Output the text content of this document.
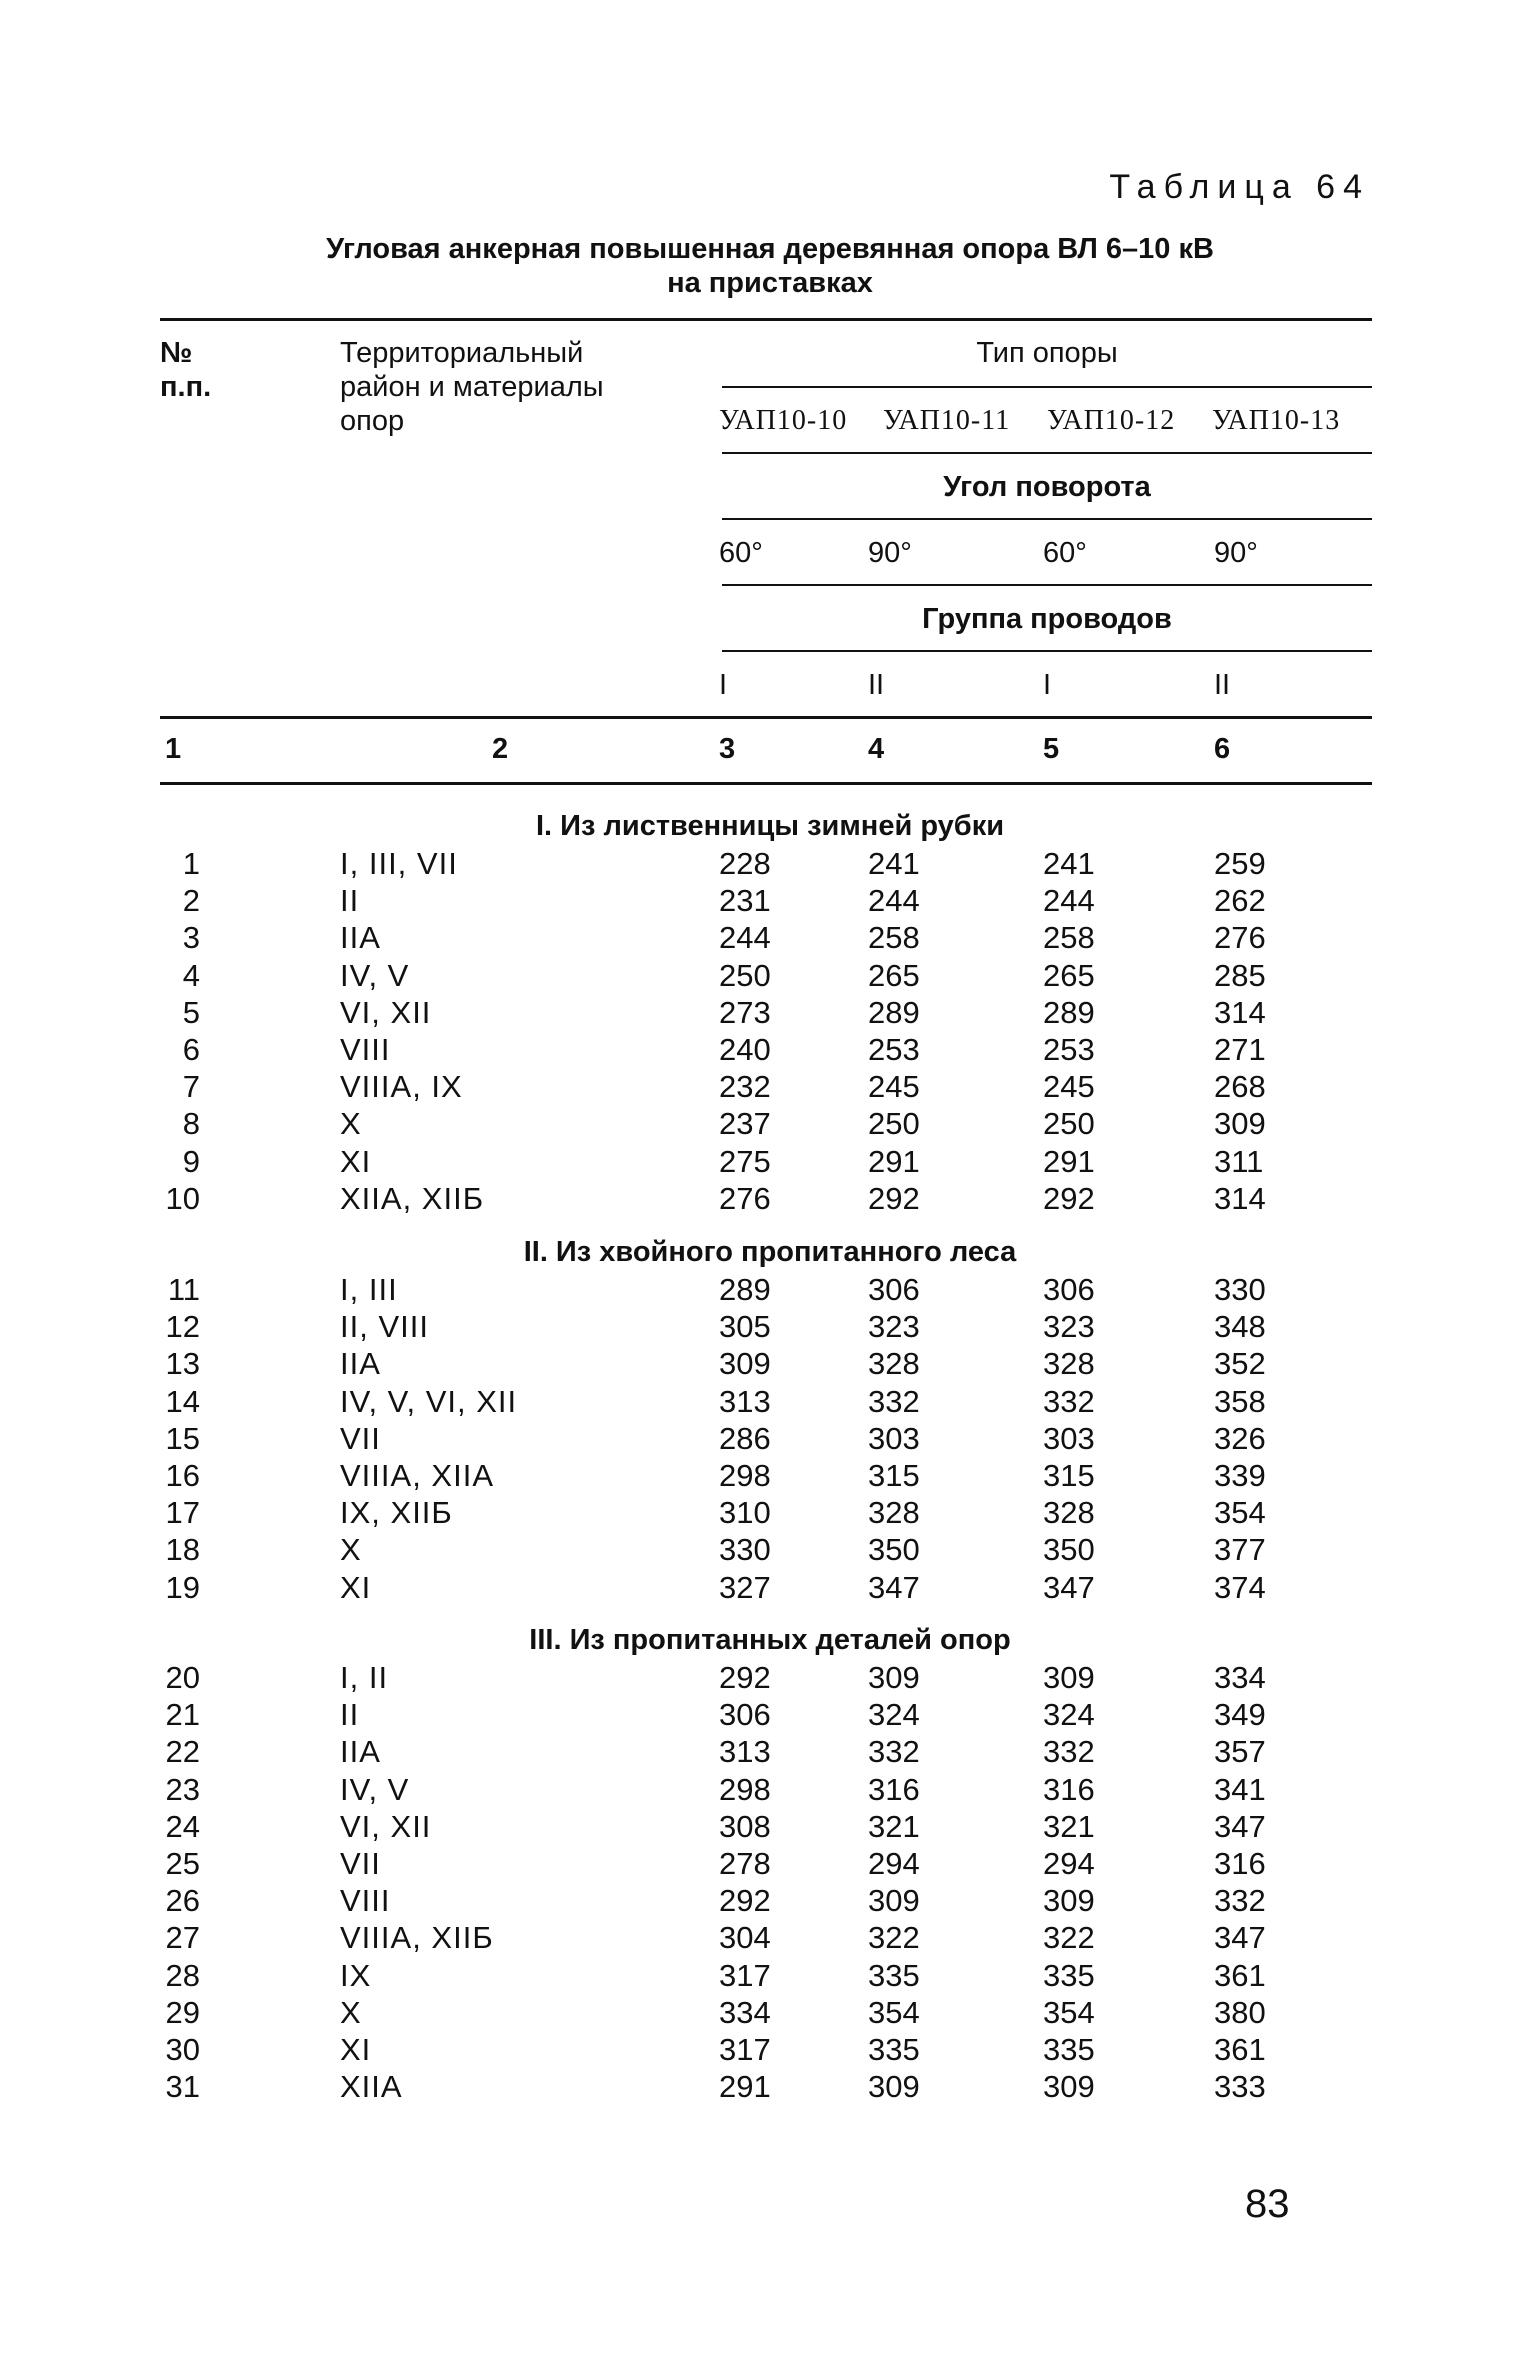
Таблица 64
Угловая анкерная повышенная деревянная опора ВЛ 6–10 кВ
на приставках
№
п.п.
Территориальный
район и материалы
опор
Тип опоры
УАП10-10 УАП10-11 УАП10-12 УАП10-13
Угол поворота
60°	90°	60°	90°
Группа проводов
I	II	I	II
1	2	3	4	5	6
I. Из лиственницы зимней рубки
1	I, III, VII	228	241	241	259
2	II	231	244	244	262
3	IIA	244	258	258	276
4	IV, V	250	265	265	285
5	VI, XII	273	289	289	314
6	VIII	240	253	253	271
7	VIIIA, IX	232	245	245	268
8	X	237	250	250	309
9	XI	275	291	291	311
10	XIIA, XIIБ	276	292	292	314
II. Из хвойного пропитанного леса
11	I, III	289	306	306	330
12	II, VIII	305	323	323	348
13	IIA	309	328	328	352
14	IV, V, VI, XII	313	332	332	358
15	VII	286	303	303	326
16	VIIIA, XIIA	298	315	315	339
17	IX, XIIБ	310	328	328	354
18	X	330	350	350	377
19	XI	327	347	347	374
III. Из пропитанных деталей опор
20	I, II	292	309	309	334
21	II	306	324	324	349
22	IIA	313	332	332	357
23	IV, V	298	316	316	341
24	VI, XII	308	321	321	347
25	VII	278	294	294	316
26	VIII	292	309	309	332
27	VIIIA, XIIБ	304	322	322	347
28	IX	317	335	335	361
29	X	334	354	354	380
30	XI	317	335	335	361
31	XIIA	291	309	309	333
83
